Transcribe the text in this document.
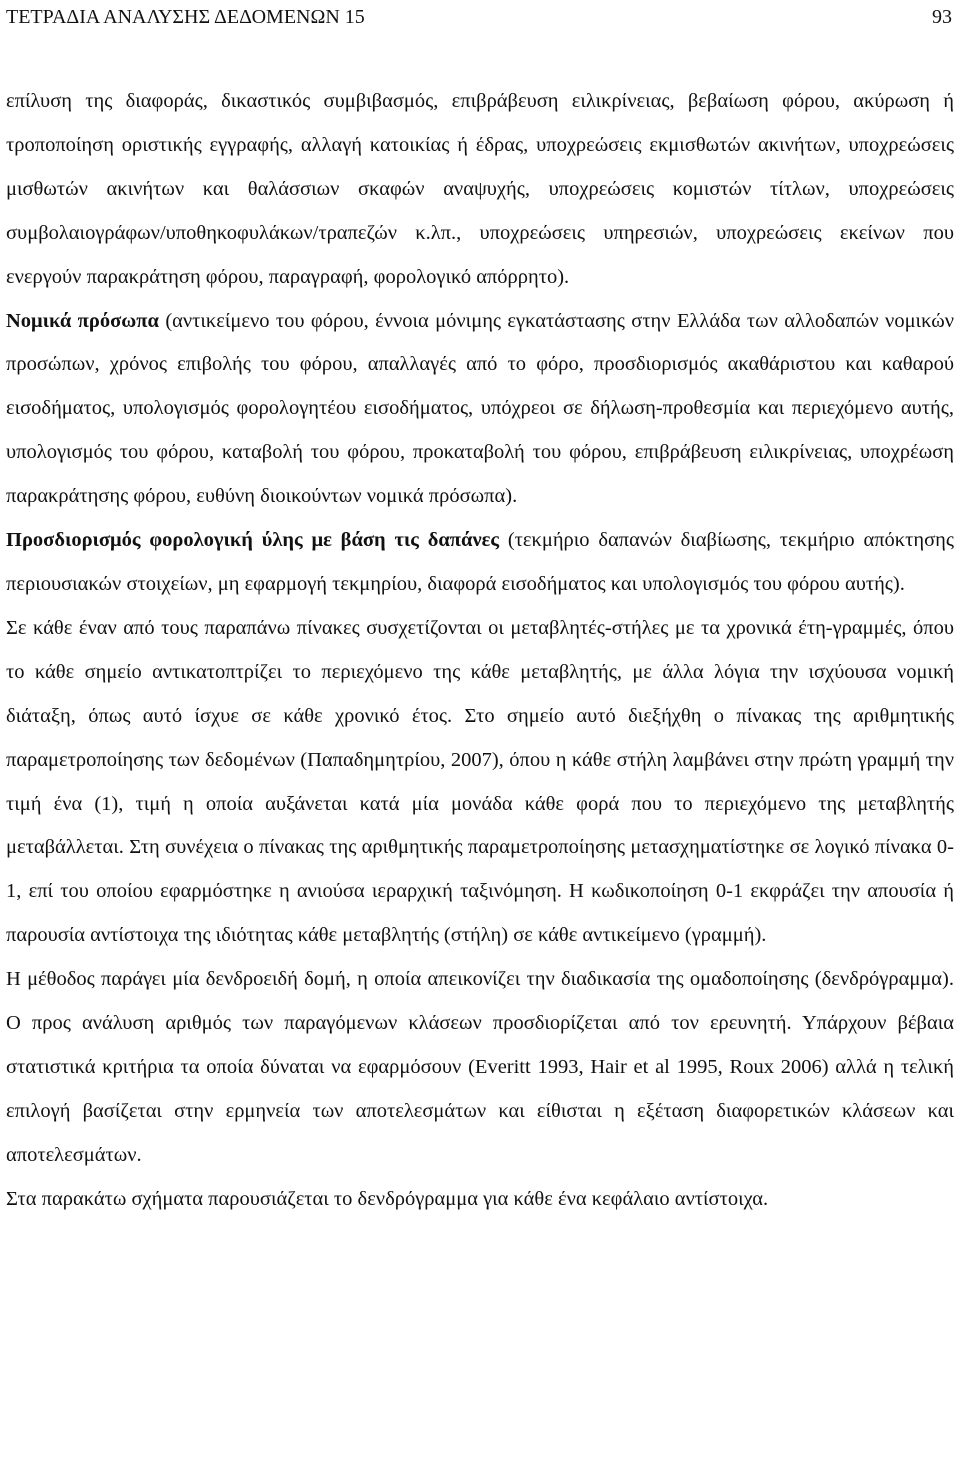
ΤΕΤΡΑΔΙΑ ΑΝΑΛΥΣΗΣ ΔΕΔΟΜΕΝΩΝ 15	93

επίλυση της διαφοράς, δικαστικός συμβιβασμός, επιβράβευση ειλικρίνειας, βεβαίωση φόρου, ακύρωση ή τροποποίηση οριστικής εγγραφής, αλλαγή κατοικίας ή έδρας, υποχρεώσεις εκμισθωτών ακινήτων, υποχρεώσεις μισθωτών ακινήτων και θαλάσσιων σκαφών αναψυχής, υποχρεώσεις κομιστών τίτλων, υποχρεώσεις συμβολαιογράφων/υποθηκοφυλάκων/τραπεζών κ.λπ., υποχρεώσεις υπηρεσιών, υποχρεώσεις εκείνων που ενεργούν παρακράτηση φόρου, παραγραφή, φορολογικό απόρρητο).

Νομικά πρόσωπα (αντικείμενο του φόρου, έννοια μόνιμης εγκατάστασης στην Ελλάδα των αλλοδαπών νομικών προσώπων, χρόνος επιβολής του φόρου, απαλλαγές από το φόρο, προσδιορισμός ακαθάριστου και καθαρού εισοδήματος, υπολογισμός φορολογητέου εισοδήματος, υπόχρεοι σε δήλωση-προθεσμία και περιεχόμενο αυτής, υπολογισμός του φόρου, καταβολή του φόρου, προκαταβολή του φόρου, επιβράβευση ειλικρίνειας, υποχρέωση παρακράτησης φόρου, ευθύνη διοικούντων νομικά πρόσωπα).

Προσδιορισμός φορολογική ύλης με βάση τις δαπάνες (τεκμήριο δαπανών διαβίωσης, τεκμήριο απόκτησης περιουσιακών στοιχείων, μη εφαρμογή τεκμηρίου, διαφορά εισοδήματος και υπολογισμός του φόρου αυτής).

Σε κάθε έναν από τους παραπάνω πίνακες συσχετίζονται οι μεταβλητές-στήλες με τα χρονικά έτη-γραμμές, όπου το κάθε σημείο αντικατοπτρίζει το περιεχόμενο της κάθε μεταβλητής, με άλλα λόγια την ισχύουσα νομική διάταξη, όπως αυτό ίσχυε σε κάθε χρονικό έτος. Στο σημείο αυτό διεξήχθη ο πίνακας της αριθμητικής παραμετροποίησης των δεδομένων (Παπαδημητρίου, 2007), όπου η κάθε στήλη λαμβάνει στην πρώτη γραμμή την τιμή ένα (1), τιμή η οποία αυξάνεται κατά μία μονάδα κάθε φορά που το περιεχόμενο της μεταβλητής μεταβάλλεται. Στη συνέχεια ο πίνακας της αριθμητικής παραμετροποίησης μετασχηματίστηκε σε λογικό πίνακα 0-1, επί του οποίου εφαρμόστηκε η ανιούσα ιεραρχική ταξινόμηση. Η κωδικοποίηση 0-1 εκφράζει την απουσία ή παρουσία αντίστοιχα της ιδιότητας κάθε μεταβλητής (στήλη) σε κάθε αντικείμενο (γραμμή).

Η μέθοδος παράγει μία δενδροειδή δομή, η οποία απεικονίζει την διαδικασία της ομαδοποίησης (δενδρόγραμμα). Ο προς ανάλυση αριθμός των παραγόμενων κλάσεων προσδιορίζεται από τον ερευνητή. Υπάρχουν βέβαια στατιστικά κριτήρια τα οποία δύναται να εφαρμόσουν (Everitt 1993, Hair et al 1995, Roux 2006) αλλά η τελική επιλογή βασίζεται στην ερμηνεία των αποτελεσμάτων και είθισται η εξέταση διαφορετικών κλάσεων και αποτελεσμάτων.

Στα παρακάτω σχήματα παρουσιάζεται το δενδρόγραμμα για κάθε ένα κεφάλαιο αντίστοιχα.
